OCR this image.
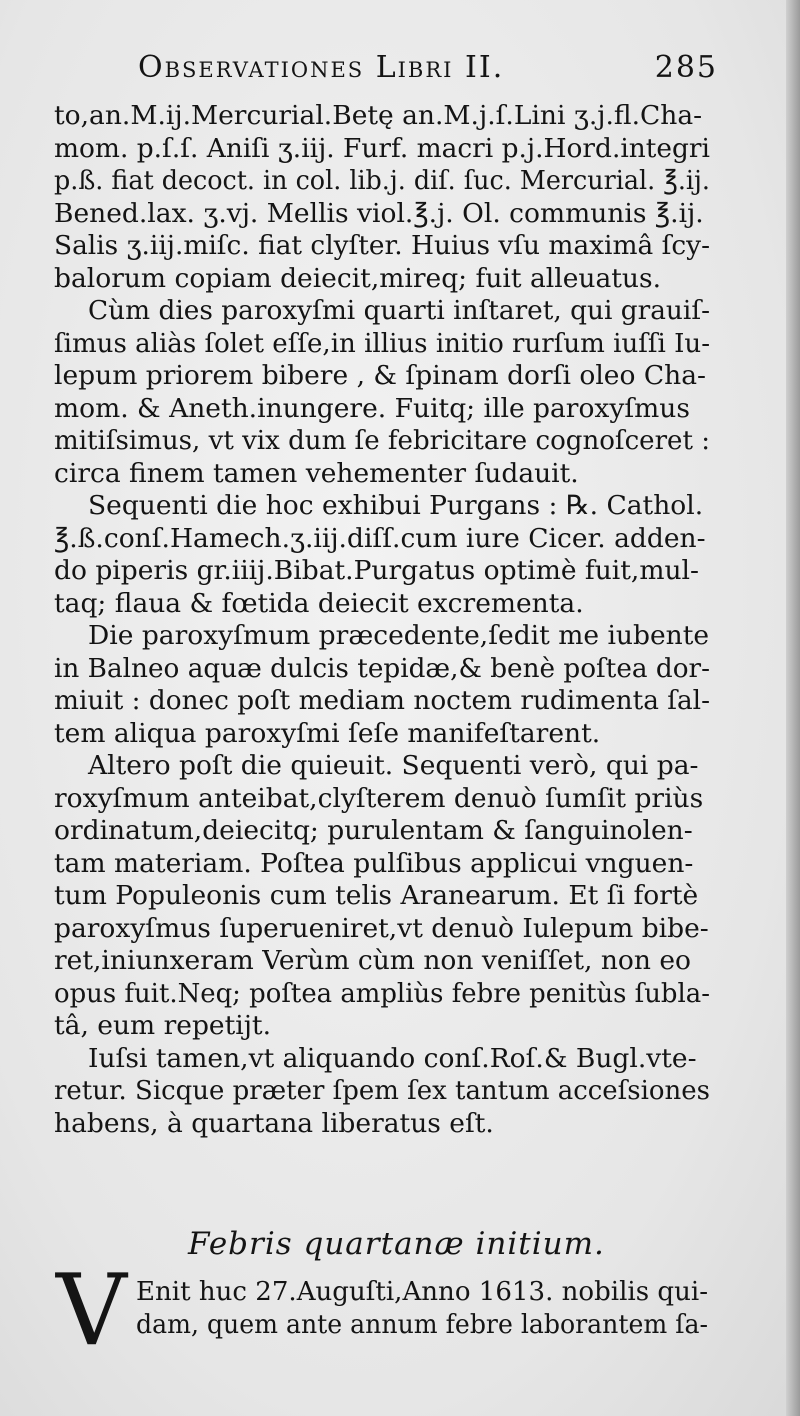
Observationes Libri II.	285
to,an.M.ij.Mercurial.Betę an.M.j.ſ.Lini ʒ.j.fl.Cha-
mom. p.ſ.ſ. Aniſi ʒ.iij. Furf. macri p.j.Hord.integri
p.ß. fiat decoct. in col. lib.j. diſ. ſuc. Mercurial. ℥.ij.
Bened.lax. ʒ.vj. Mellis viol.℥.j. Ol. communis ℥.ij.
Salis ʒ.iij.miſc. fiat clyſter. Huius vſu maximâ ſcy-
balorum copiam deiecit,mireq; fuit alleuatus.
Cùm dies paroxyſmi quarti inſtaret, qui grauiſ-
ſimus aliàs ſolet eſſe,in illius initio rurſum iuſſi Iu-
lepum priorem bibere , & ſpinam dorſi oleo Cha-
mom. & Aneth.inungere. Fuitq; ille paroxyſmus
mitiſsimus, vt vix dum ſe febricitare cognoſceret :
circa finem tamen vehementer ſudauit.
Sequenti die hoc exhibui Purgans : ℞. Cathol.
℥.ß.conſ.Hamech.ʒ.iij.diſſ.cum iure Cicer. adden-
do piperis gr.iiij.Bibat.Purgatus optimè fuit,mul-
taq; flaua & fœtida deiecit excrementa.
Die paroxyſmum præcedente,ſedit me iubente
in Balneo aquæ dulcis tepidæ,& benè poſtea dor-
miuit : donec poſt mediam noctem rudimenta ſal-
tem aliqua paroxyſmi ſeſe manifeſtarent.
Altero poſt die quieuit. Sequenti verò, qui pa-
roxyſmum anteibat,clyſterem denuò ſumſit priùs
ordinatum,deiecitq; purulentam & ſanguinolen-
tam materiam. Poſtea pulſibus applicui vnguen-
tum Populeonis cum telis Aranearum. Et ſi fortè
paroxyſmus ſuperueniret,vt denuò Iulepum bibe-
ret,iniunxeram Verùm cùm non veniſſet, non eo
opus fuit.Neq; poſtea ampliùs febre penitùs ſubla-
tâ, eum repetijt.
Iuſsi tamen,vt aliquando conſ.Roſ.& Bugl.vte-
retur. Sicque præter ſpem ſex tantum acceſsiones
habens, à quartana liberatus eſt.
Febris quartanæ initium.
V Enit huc 27.Auguſti,Anno 1613. nobilis qui-
dam, quem ante annum febre laborantem ſa-
